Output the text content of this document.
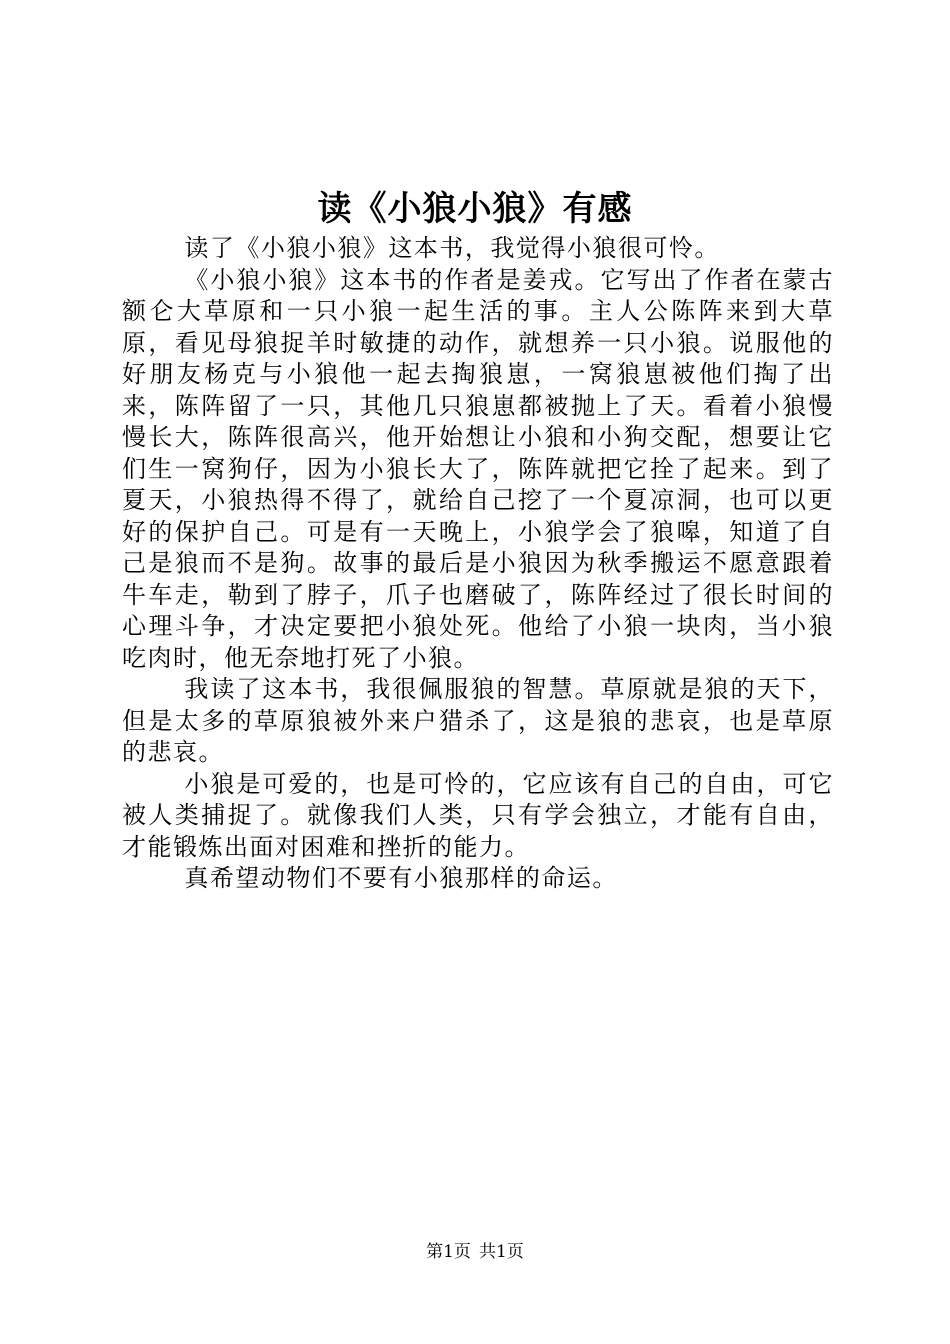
读《小狼小狼》有感

读了《小狼小狼》这本书，我觉得小狼很可怜。

《小狼小狼》这本书的作者是姜戎。它写出了作者在蒙古额仑大草原和一只小狼一起生活的事。主人公陈阵来到大草原，看见母狼捉羊时敏捷的动作，就想养一只小狼。说服他的好朋友杨克与小狼他一起去掏狼崽，一窝狼崽被他们掏了出来，陈阵留了一只，其他几只狼崽都被抛上了天。看着小狼慢慢长大，陈阵很高兴，他开始想让小狼和小狗交配，想要让它们生一窝狗仔，因为小狼长大了，陈阵就把它拴了起来。到了夏天，小狼热得不得了，就给自己挖了一个夏凉洞，也可以更好的保护自己。可是有一天晚上，小狼学会了狼嗥，知道了自己是狼而不是狗。故事的最后是小狼因为秋季搬运不愿意跟着牛车走，勒到了脖子，爪子也磨破了，陈阵经过了很长时间的心理斗争，才决定要把小狼处死。他给了小狼一块肉，当小狼吃肉时，他无奈地打死了小狼。

我读了这本书，我很佩服狼的智慧。草原就是狼的天下，但是太多的草原狼被外来户猎杀了，这是狼的悲哀，也是草原的悲哀。

小狼是可爱的，也是可怜的，它应该有自己的自由，可它被人类捕捉了。就像我们人类，只有学会独立，才能有自由，才能锻炼出面对困难和挫折的能力。

真希望动物们不要有小狼那样的命运。

第1页 共1页
